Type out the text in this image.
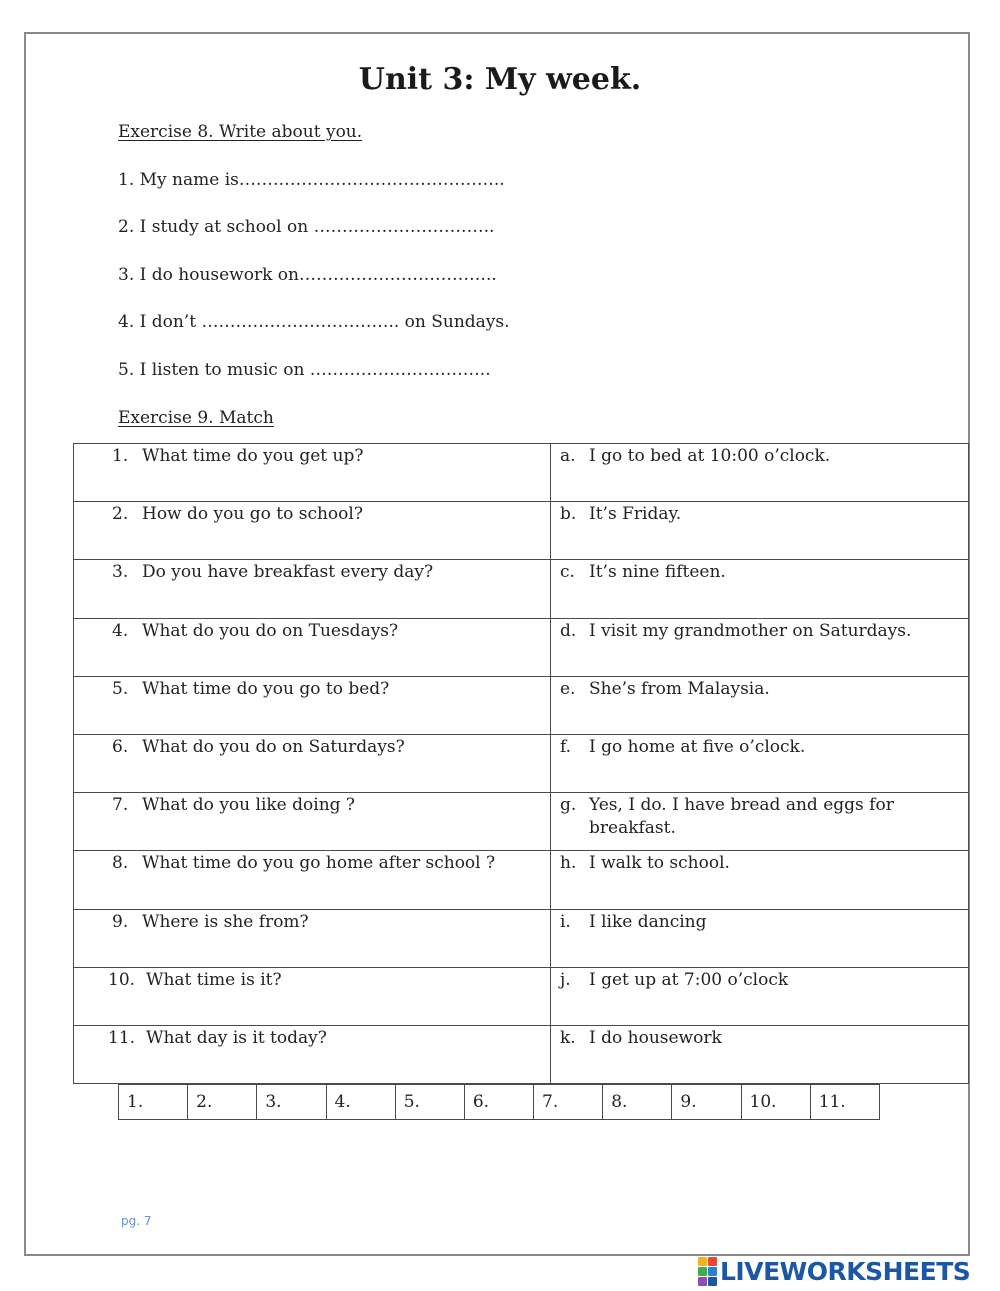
Unit 3: My week.
Exercise 8. Write about you.
1. My name is………………………………………..
2. I study at school on …………………………..
3. I do housework on……………………………..
4. I don’t …………………………….. on Sundays.
5. I listen to music on …………………………..
Exercise 9. Match
1. What time do you get up?	a. I go to bed at 10:00 o’clock.

2. How do you go to school?	b. It’s Friday.

3. Do you have breakfast every day?	c. It’s nine fifteen.

4. What do you do on Tuesdays?	d. I visit my grandmother on Saturdays.

5. What time do you go to bed?	e. She’s from Malaysia.

6. What do you do on Saturdays?	f. I go home at five o’clock.

7. What do you like doing ?	g. Yes, I do. I have bread and eggs for breakfast.

8. What time do you go home after school ?	h. I walk to school.

9. Where is she from?	i. I like dancing

10. What time is it?	j. I get up at 7:00 o’clock

11. What day is it today?	k. I do housework
1.	2.	3.	4.	5.	6.	7.	8.	9.	10.	11.
pg. 7
LIVEWORKSHEETS
